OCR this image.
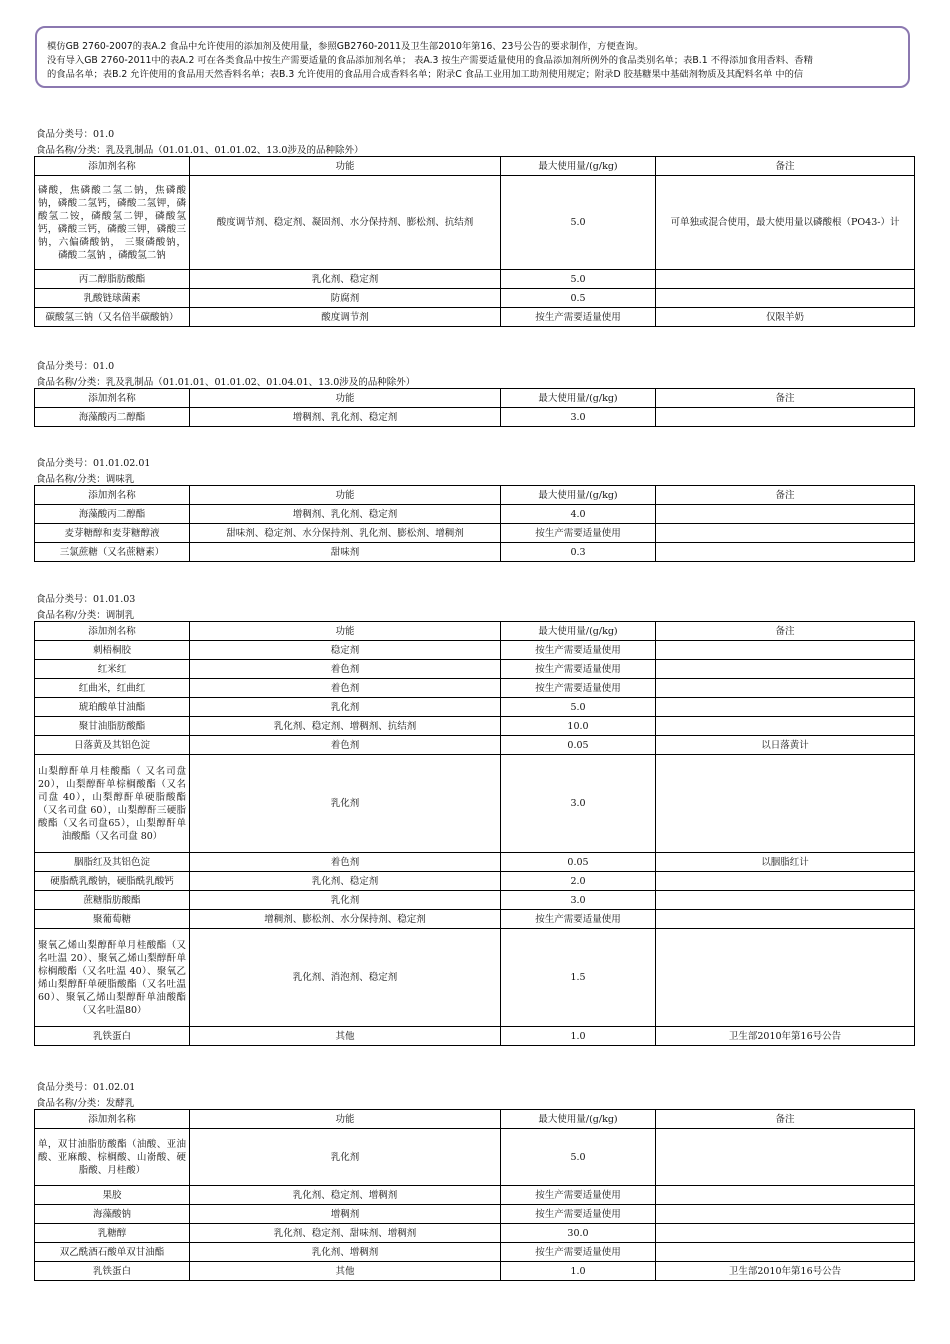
模仿GB 2760-2007的表A.2 食品中允许使用的添加剂及使用量，参照GB2760-2011及卫生部2010年第16、23号公告的要求制作，方便查询。
没有导入GB 2760-2011中的表A.2 可在各类食品中按生产需要适量的食品添加剂名单； 表A.3 按生产需要适量使用的食品添加剂所例外的食品类别名单；表B.1 不得添加食用香料、香精
的食品名单；表B.2 允许使用的食品用天然香料名单；表B.3 允许使用的食品用合成香料名单；附录C 食品工业用加工助剂使用规定；附录D 胶基糖果中基础剂物质及其配料名单 中的信
食品分类号：01.0
食品名称/分类：乳及乳制品（01.01.01、01.01.02、13.0涉及的品种除外）
添加剂名称	功能	最大使用量/(g/kg)	备注
磷酸，焦磷酸二氢二钠，焦磷酸钠，磷酸二氢钙，磷酸二氢钾，磷酸氢二铵，磷酸氢二钾，磷酸氢钙，磷酸三钙，磷酸三钾，磷酸三钠，六偏磷酸钠， 三聚磷酸钠， 磷酸二氢钠 ，磷酸氢二钠	酸度调节剂、稳定剂、凝固剂、水分保持剂、膨松剂、抗结剂	5.0	可单独或混合使用，最大使用量以磷酸根（PO43-）计
丙二醇脂肪酸酯	乳化剂、稳定剂	5.0	
乳酸链球菌素	防腐剂	0.5	
碳酸氢三钠（又名倍半碳酸钠）	酸度调节剂	按生产需要适量使用	仅限羊奶
食品分类号：01.0
食品名称/分类：乳及乳制品（01.01.01、01.01.02、01.04.01、13.0涉及的品种除外）
添加剂名称	功能	最大使用量/(g/kg)	备注
海藻酸丙二醇酯	增稠剂、乳化剂、稳定剂	3.0	
食品分类号：01.01.02.01
食品名称/分类：调味乳
添加剂名称	功能	最大使用量/(g/kg)	备注
海藻酸丙二醇酯	增稠剂、乳化剂、稳定剂	4.0	
麦芽糖醇和麦芽糖醇液	甜味剂、稳定剂、水分保持剂、乳化剂、膨松剂、增稠剂	按生产需要适量使用	
三氯蔗糖（又名蔗糖素）	甜味剂	0.3	
食品分类号：01.01.03
食品名称/分类：调制乳
添加剂名称	功能	最大使用量/(g/kg)	备注
刺梧桐胶	稳定剂	按生产需要适量使用	
红米红	着色剂	按生产需要适量使用	
红曲米，红曲红	着色剂	按生产需要适量使用	
琥珀酸单甘油酯	乳化剂	5.0	
聚甘油脂肪酸酯	乳化剂、稳定剂、增稠剂、抗结剂	10.0	
日落黄及其铝色淀	着色剂	0.05	以日落黄计
山梨醇酐单月桂酸酯（ 又名司盘 20），山梨醇酐单棕榈酸酯（又名司盘 40），山梨醇酐单硬脂酸酯（又名司盘 60），山梨醇酐三硬脂酸酯（又名司盘65），山梨醇酐单油酸酯（又名司盘 80）	乳化剂	3.0	
胭脂红及其铝色淀	着色剂	0.05	以胭脂红计
硬脂酰乳酸钠，硬脂酰乳酸钙	乳化剂、稳定剂	2.0	
蔗糖脂肪酸酯	乳化剂	3.0	
聚葡萄糖	增稠剂、膨松剂、水分保持剂、稳定剂	按生产需要适量使用	
聚氧乙烯山梨醇酐单月桂酸酯（又名吐温 20）、聚氧乙烯山梨醇酐单棕榈酸酯（又名吐温 40）、聚氧乙烯山梨醇酐单硬脂酸酯（又名吐温 60）、聚氧乙烯山梨醇酐单油酸酯（又名吐温80）	乳化剂、消泡剂、稳定剂	1.5	
乳铁蛋白	其他	1.0	卫生部2010年第16号公告
食品分类号：01.02.01
食品名称/分类：发酵乳
添加剂名称	功能	最大使用量/(g/kg)	备注
单，双甘油脂肪酸酯（油酸、亚油酸、亚麻酸、棕榈酸、山嵛酸、硬脂酸、月桂酸）	乳化剂	5.0	
果胶	乳化剂、稳定剂、增稠剂	按生产需要适量使用	
海藻酸钠	增稠剂	按生产需要适量使用	
乳糖醇	乳化剂、稳定剂、甜味剂、增稠剂	30.0	
双乙酰酒石酸单双甘油酯	乳化剂、增稠剂	按生产需要适量使用	
乳铁蛋白	其他	1.0	卫生部2010年第16号公告
